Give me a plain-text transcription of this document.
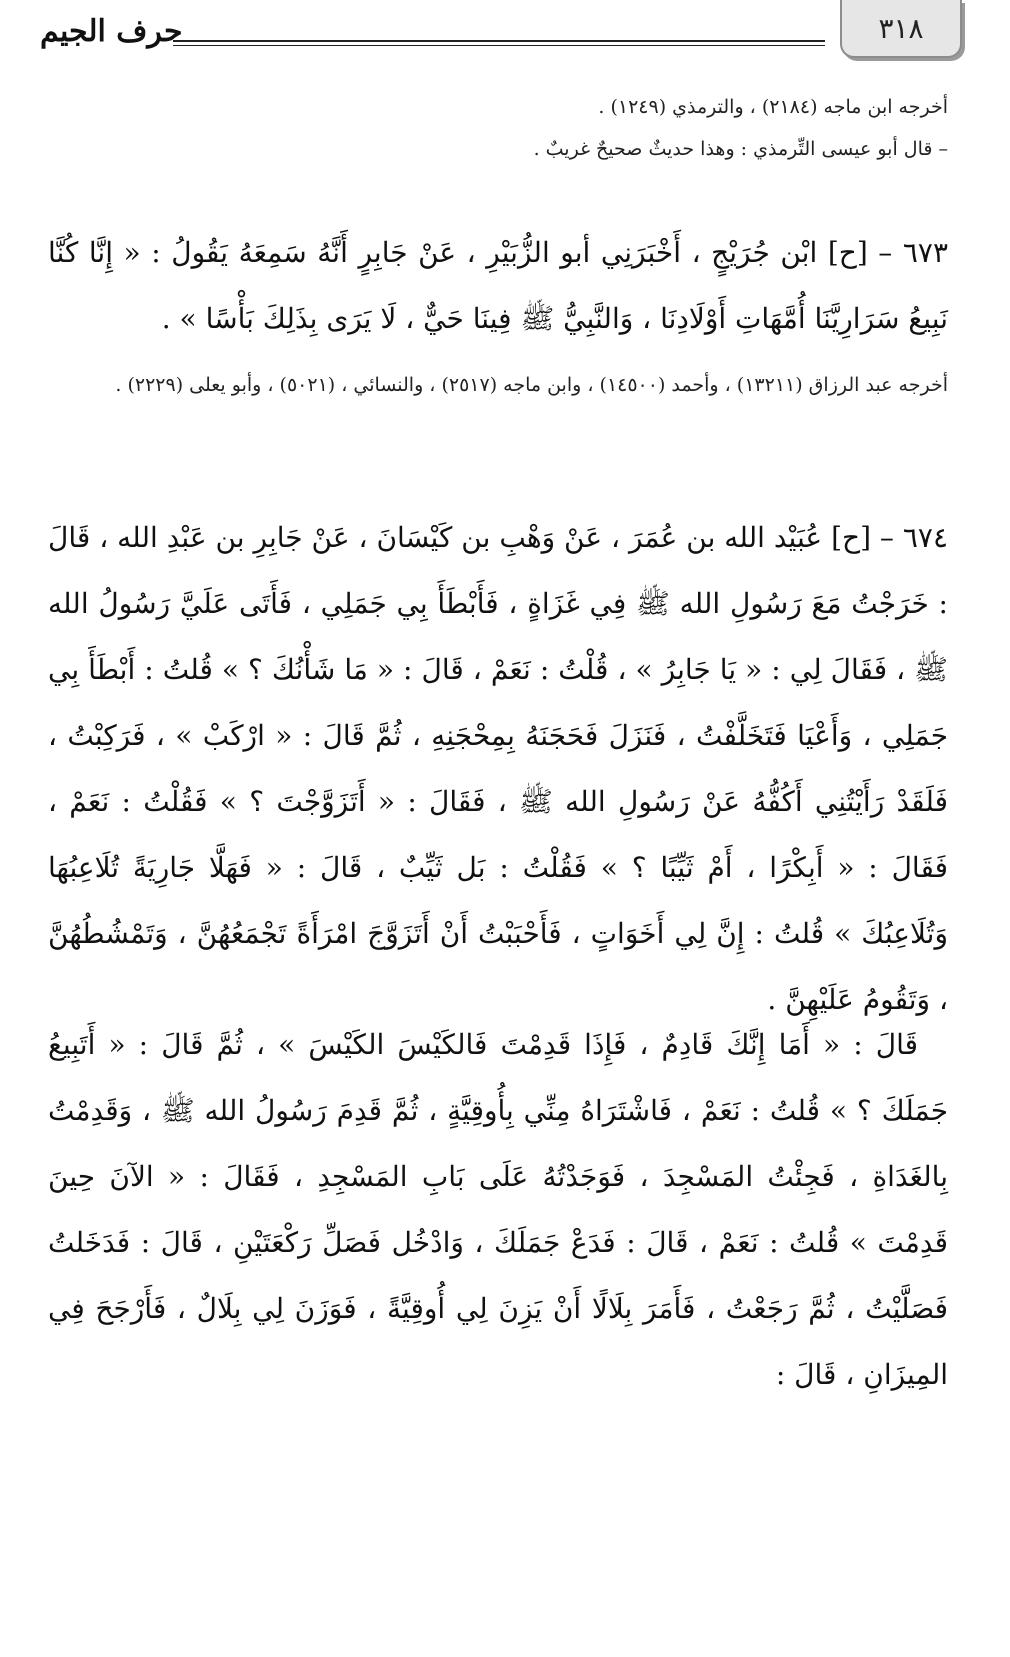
٣١٨
حرف الجيم
أخرجه ابن ماجه (٢١٨٤) ، والترمذي (١٢٤٩) .
– قال أبو عيسى التِّرمذي : وهذا حديثٌ صحيحٌ غريبٌ .
٦٧٣ – [ح] ابْن جُرَيْجٍ ، أَخْبَرَنِي أبو الزُّبَيْرِ ، عَنْ جَابِرٍ أَنَّهُ سَمِعَهُ يَقُولُ : « إِنَّا كُنَّا نَبِيعُ سَرَارِيَّنَا أُمَّهَاتِ أَوْلَادِنَا ، وَالنَّبِيُّ ﷺ فِينَا حَيٌّ ، لَا يَرَى بِذَلِكَ بَأْسًا » .
أخرجه عبد الرزاق (١٣٢١١) ، وأحمد (١٤٥٠٠) ، وابن ماجه (٢٥١٧) ، والنسائي ، (٥٠٢١) ، وأبو يعلى (٢٢٢٩) .
٦٧٤ – [ح] عُبَيْد الله بن عُمَرَ ، عَنْ وَهْبِ بن كَيْسَانَ ، عَنْ جَابِرِ بن عَبْدِ الله ، قَالَ : خَرَجْتُ مَعَ رَسُولِ الله ﷺ فِي غَزَاةٍ ، فَأَبْطَأَ بِي جَمَلِي ، فَأَتَى عَلَيَّ رَسُولُ الله ﷺ ، فَقَالَ لِي : « يَا جَابِرُ » ، قُلْتُ : نَعَمْ ، قَالَ : « مَا شَأْنُكَ ؟ » قُلتُ : أَبْطَأَ بِي جَمَلِي ، وَأَعْيَا فَتَخَلَّفْتُ ، فَنَزَلَ فَحَجَنَهُ بِمِحْجَنِهِ ، ثُمَّ قَالَ : « ارْكَبْ » ، فَرَكِبْتُ ، فَلَقَدْ رَأَيْتُنِي أَكُفُّهُ عَنْ رَسُولِ الله ﷺ ، فَقَالَ : « أَتَزَوَّجْتَ ؟ » فَقُلْتُ : نَعَمْ ، فَقَالَ : « أَبِكْرًا ، أَمْ ثَيِّبًا ؟ » فَقُلْتُ : بَل ثَيِّبٌ ، قَالَ : « فَهَلَّا جَارِيَةً تُلَاعِبُهَا وَتُلَاعِبُكَ » قُلتُ : إِنَّ لِي أَخَوَاتٍ ، فَأَحْبَبْتُ أَنْ أَتَزَوَّجَ امْرَأَةً تَجْمَعُهُنَّ ، وَتَمْشُطُهُنَّ ، وَتَقُومُ عَلَيْهِنَّ .
قَالَ : « أَمَا إِنَّكَ قَادِمٌ ، فَإِذَا قَدِمْتَ فَالكَيْسَ الكَيْسَ » ، ثُمَّ قَالَ : « أَتَبِيعُ جَمَلَكَ ؟ » قُلتُ : نَعَمْ ، فَاشْتَرَاهُ مِنِّي بِأُوقِيَّةٍ ، ثُمَّ قَدِمَ رَسُولُ الله ﷺ ، وَقَدِمْتُ بِالغَدَاةِ ، فَجِئْتُ المَسْجِدَ ، فَوَجَدْتُهُ عَلَى بَابِ المَسْجِدِ ، فَقَالَ : « الآنَ حِينَ قَدِمْتَ » قُلتُ : نَعَمْ ، قَالَ : فَدَعْ جَمَلَكَ ، وَادْخُل فَصَلِّ رَكْعَتَيْنِ ، قَالَ : فَدَخَلتُ فَصَلَّيْتُ ، ثُمَّ رَجَعْتُ ، فَأَمَرَ بِلَالًا أَنْ يَزِنَ لِي أُوقِيَّةً ، فَوَزَنَ لِي بِلَالٌ ، فَأَرْجَحَ فِي المِيزَانِ ، قَالَ :
